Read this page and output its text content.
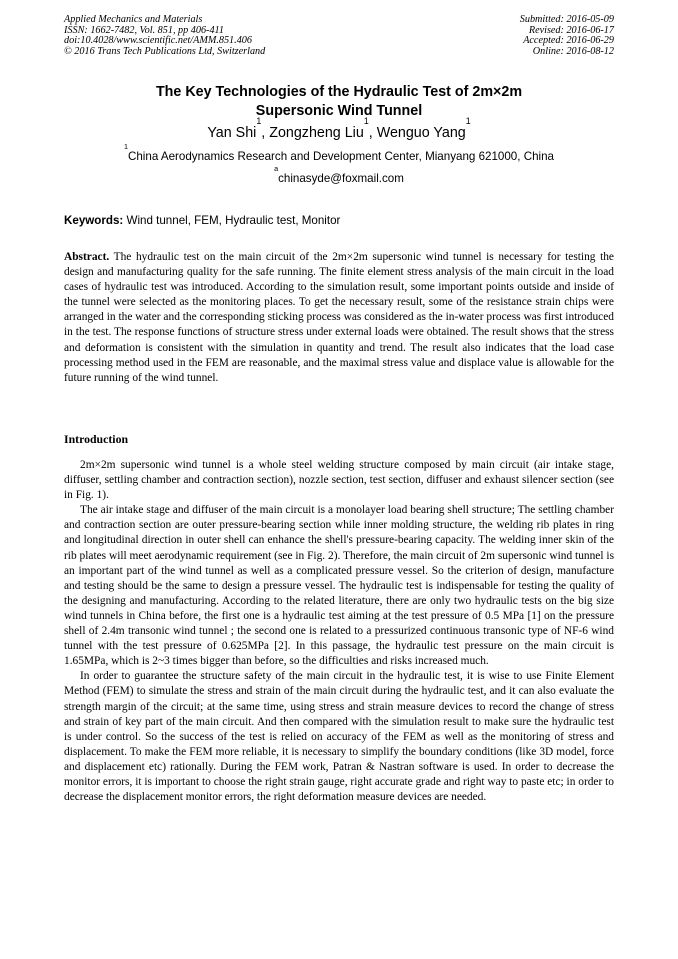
Applied Mechanics and Materials
ISSN: 1662-7482, Vol. 851, pp 406-411
doi:10.4028/www.scientific.net/AMM.851.406
© 2016 Trans Tech Publications Ltd, Switzerland
Submitted: 2016-05-09
Revised: 2016-06-17
Accepted: 2016-06-29
Online: 2016-08-12
The Key Technologies of the Hydraulic Test of 2m×2m
Supersonic Wind Tunnel
Yan Shi$^1$, Zongzheng Liu$^1$, Wenguo Yang$^1$
$^1$China Aerodynamics Research and Development Center, Mianyang 621000, China
$^a$chinasyde@foxmail.com
Keywords: Wind tunnel, FEM, Hydraulic test, Monitor
Abstract. The hydraulic test on the main circuit of the 2m×2m supersonic wind tunnel is necessary for testing the design and manufacturing quality for the safe running. The finite element stress analysis of the main circuit in the load cases of hydraulic test was introduced. According to the simulation result, some important points outside and inside of the tunnel were selected as the monitoring places. To get the necessary result, some of the resistance strain chips were arranged in the water and the corresponding sticking process was considered as the in-water process was first introduced in the test. The response functions of structure stress under external loads were obtained. The result shows that the stress and deformation is consistent with the simulation in quantity and trend. The result also indicates that the load case processing method used in the FEM are reasonable, and the maximal stress value and displace value is allowable for the future running of the wind tunnel.
Introduction

2m×2m supersonic wind tunnel is a whole steel welding structure composed by main circuit (air intake stage, diffuser, settling chamber and contraction section), nozzle section, test section, diffuser and exhaust silencer section (see in Fig. 1).

The air intake stage and diffuser of the main circuit is a monolayer load bearing shell structure; The settling chamber and contraction section are outer pressure-bearing section while inner molding structure, the welding rib plates in ring and longitudinal direction in outer shell can enhance the shell's pressure-bearing capacity. The welding inner skin of the rib plates will meet aerodynamic requirement (see in Fig. 2). Therefore, the main circuit of 2m supersonic wind tunnel is an important part of the wind tunnel as well as a complicated pressure vessel. So the criterion of design, manufacture and testing should be the same to design a pressure vessel. The hydraulic test is indispensable for testing the quality of the designing and manufacturing. According to the related literature, there are only two hydraulic tests on the big size wind tunnels in China before, the first one is a hydraulic test aiming at the test pressure of 0.5 MPa [1] on the pressure shell of 2.4m transonic wind tunnel ; the second one is related to a pressurized continuous transonic type of NF-6 wind tunnel with the test pressure of 0.625MPa [2]. In this passage, the hydraulic test pressure on the main circuit is 1.65MPa, which is 2~3 times bigger than before, so the difficulties and risks increased much.

In order to guarantee the structure safety of the main circuit in the hydraulic test, it is wise to use Finite Element Method (FEM) to simulate the stress and strain of the main circuit during the hydraulic test, and it can also evaluate the strength margin of the circuit; at the same time, using stress and strain measure devices to record the change of stress and strain of key part of the main circuit. And then compared with the simulation result to make sure the hydraulic test is under control. So the success of the test is relied on accuracy of the FEM as well as the monitoring of stress and displacement. To make the FEM more reliable, it is necessary to simplify the boundary conditions (like 3D model, force and displacement etc) rationally. During the FEM work, Patran & Nastran software is used. In order to decrease the monitor errors, it is important to choose the right strain gauge, right accurate grade and right way to paste etc; in order to decrease the displacement monitor errors, the right deformation measure devices are needed.
